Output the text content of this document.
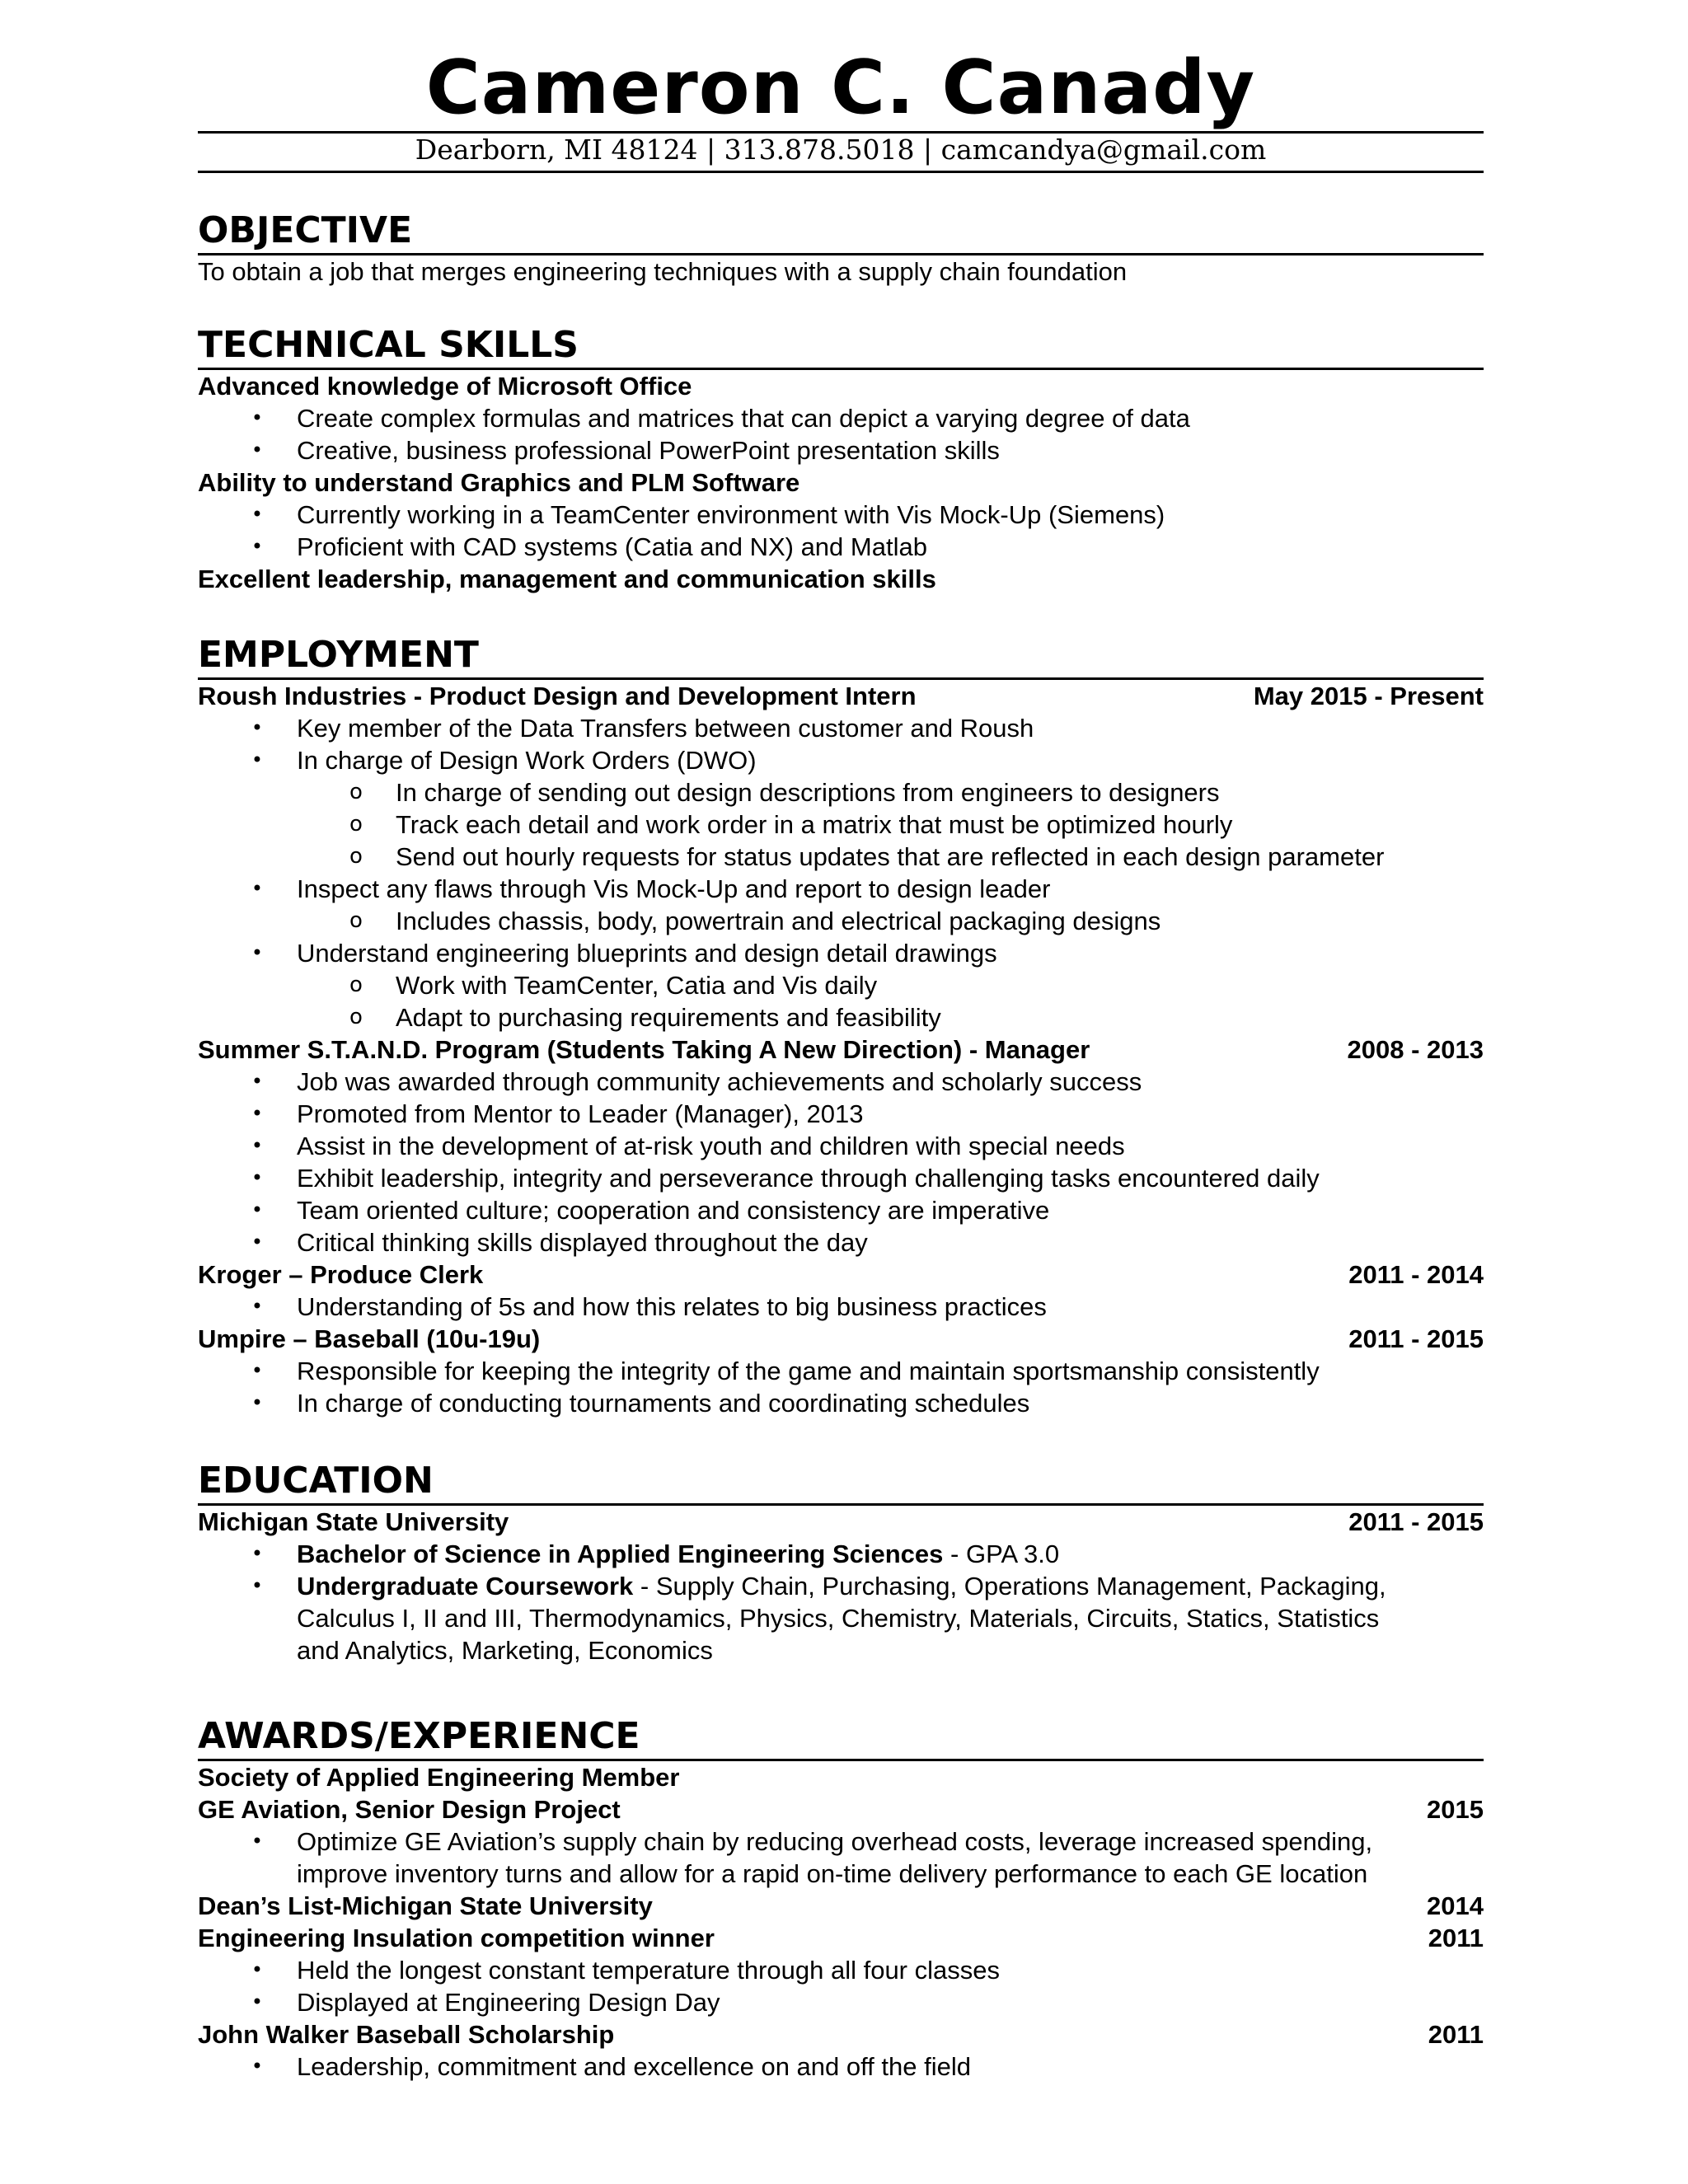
Cameron C. Canady
Dearborn, MI 48124 | 313.878.5018 | camcandya@gmail.com
OBJECTIVE
To obtain a job that merges engineering techniques with a supply chain foundation
TECHNICAL SKILLS
Advanced knowledge of Microsoft Office
• Create complex formulas and matrices that can depict a varying degree of data
• Creative, business professional PowerPoint presentation skills
Ability to understand Graphics and PLM Software
• Currently working in a TeamCenter environment with Vis Mock-Up (Siemens)
• Proficient with CAD systems (Catia and NX) and Matlab
Excellent leadership, management and communication skills
EMPLOYMENT
Roush Industries - Product Design and Development Intern	May 2015 - Present
• Key member of the Data Transfers between customer and Roush
• In charge of Design Work Orders (DWO)
o In charge of sending out design descriptions from engineers to designers
o Track each detail and work order in a matrix that must be optimized hourly
o Send out hourly requests for status updates that are reflected in each design parameter
• Inspect any flaws through Vis Mock-Up and report to design leader
o Includes chassis, body, powertrain and electrical packaging designs
• Understand engineering blueprints and design detail drawings
o Work with TeamCenter, Catia and Vis daily
o Adapt to purchasing requirements and feasibility
Summer S.T.A.N.D. Program (Students Taking A New Direction) - Manager	2008 - 2013
• Job was awarded through community achievements and scholarly success
• Promoted from Mentor to Leader (Manager), 2013
• Assist in the development of at-risk youth and children with special needs
• Exhibit leadership, integrity and perseverance through challenging tasks encountered daily
• Team oriented culture; cooperation and consistency are imperative
• Critical thinking skills displayed throughout the day
Kroger – Produce Clerk	2011 - 2014
• Understanding of 5s and how this relates to big business practices
Umpire – Baseball (10u-19u)	2011 - 2015
• Responsible for keeping the integrity of the game and maintain sportsmanship consistently
• In charge of conducting tournaments and coordinating schedules
EDUCATION
Michigan State University	2011 - 2015
• Bachelor of Science in Applied Engineering Sciences - GPA 3.0
• Undergraduate Coursework - Supply Chain, Purchasing, Operations Management, Packaging,
Calculus I, II and III, Thermodynamics, Physics, Chemistry, Materials, Circuits, Statics, Statistics
and Analytics, Marketing, Economics
AWARDS/EXPERIENCE
Society of Applied Engineering Member
GE Aviation, Senior Design Project	2015
• Optimize GE Aviation’s supply chain by reducing overhead costs, leverage increased spending,
improve inventory turns and allow for a rapid on-time delivery performance to each GE location
Dean’s List-Michigan State University	2014
Engineering Insulation competition winner	2011
• Held the longest constant temperature through all four classes
• Displayed at Engineering Design Day
John Walker Baseball Scholarship	2011
• Leadership, commitment and excellence on and off the field
